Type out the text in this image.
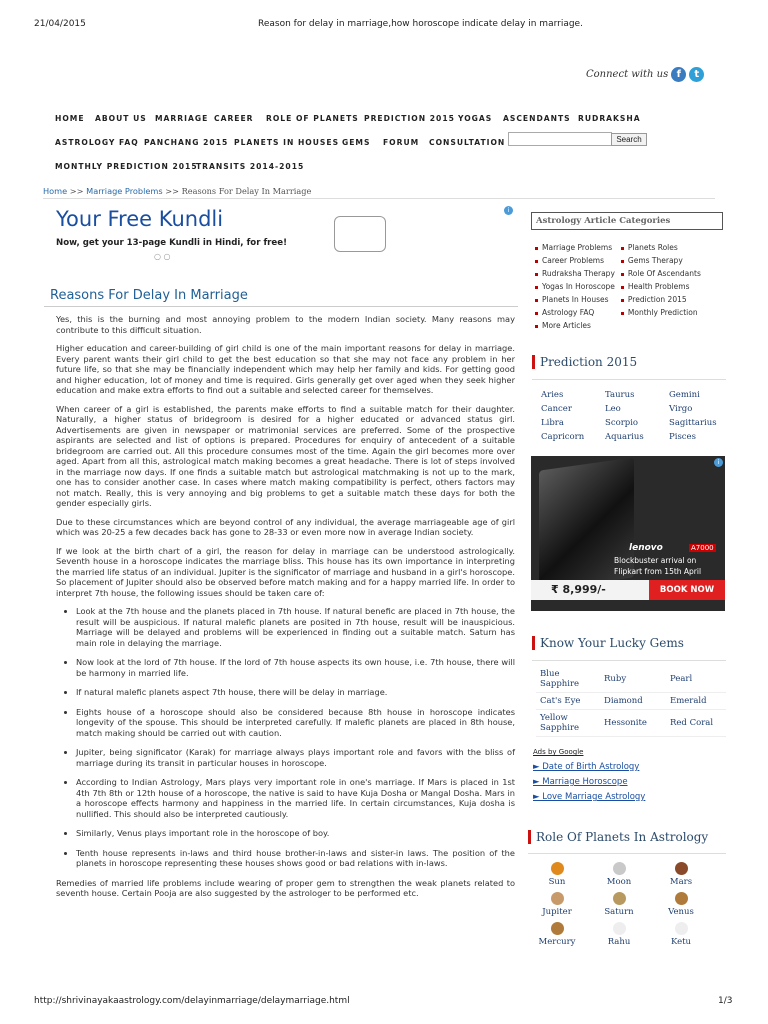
21/04/2015	Reason for delay in marriage,how horoscope indicate delay in marriage.
Connect with us f	t
HOME ABOUT US MARRIAGE CAREER ROLE OF PLANETS PREDICTION 2015 YOGAS ASCENDANTS RUDRAKSHA
ASTROLOGY FAQ PANCHANG 2015 PLANETS IN HOUSES GEMS FORUM CONSULTATION
MONTHLY PREDICTION 2015
TRANSITS 2014-2015
Search
Home >> Marriage Problems >> Reasons For Delay In Marriage
i
Your Free Kundli
Now, get your 13-page Kundli in Hindi, for free!
○ ○
Reasons For Delay In Marriage

Yes, this is the burning and most annoying problem to the modern Indian society. Many reasons may contribute to this difficult situation.

Higher education and career-building of girl child is one of the main important reasons for delay in marriage. Every parent wants their girl child to get the best education so that she may not face any problem in her future life, so that she may be financially independent which may help her family and kids. For getting good and higher education, lot of money and time is required. Girls generally get over aged when they seek higher education and make extra efforts to find out a suitable and selected career for themselves.

When career of a girl is established, the parents make efforts to find a suitable match for their daughter. Naturally, a higher status of bridegroom is desired for a higher educated or advanced status girl. Advertisements are given in newspaper or matrimonial services are preferred. Some of the prospective aspirants are selected and list of options is prepared. Procedures for enquiry of antecedent of a suitable bridegroom are carried out. All this procedure consumes most of the time. Again the girl becomes more over aged. Apart from all this, astrological match making becomes a great headache. There is lot of steps involved in the marriage now days. If one finds a suitable match but astrological matchmaking is not up to the mark, one has to consider another case. In cases where match making compatibility is perfect, others factors may not match. Really, this is very annoying and big problems to get a suitable match these days for both the gender especially girls.

Due to these circumstances which are beyond control of any individual, the average marriageable age of girl which was 20-25 a few decades back has gone to 28-33 or even more now in average Indian society.

If we look at the birth chart of a girl, the reason for delay in marriage can be understood astrologically. Seventh house in a horoscope indicates the marriage bliss. This house has its own importance in interpreting the married life status of an individual. Jupiter is the significator of marriage and husband in a girl's horoscope. So placement of Jupiter should also be observed before match making and for a happy married life. In order to interpret 7th house, the following issues should be taken care of:

• Look at the 7th house and the planets placed in 7th house. If natural benefic are placed in 7th house, the result will be auspicious. If natural malefic planets are posited in 7th house, result will be inauspicious. Marriage will be delayed and problems will be experienced in finding out a suitable match. Saturn has main role in delaying the marriage.
• Now look at the lord of 7th house. If the lord of 7th house aspects its own house, i.e. 7th house, there will be harmony in married life.
• If natural malefic planets aspect 7th house, there will be delay in marriage.
• Eights house of a horoscope should also be considered because 8th house in horoscope indicates longevity of the spouse. This should be interpreted carefully. If malefic planets are placed in 8th house, match making should be carried out with caution.
• Jupiter, being significator (Karak) for marriage always plays important role and favors with the bliss of marriage during its transit in particular houses in horoscope.
• According to Indian Astrology, Mars plays very important role in one's marriage. If Mars is placed in 1st 4th 7th 8th or 12th house of a horoscope, the native is said to have Kuja Dosha or Mangal Dosha. Mars in a horoscope effects harmony and happiness in the married life. In certain circumstances, Kuja dosha is nullified. This should also be interpreted cautiously.
• Similarly, Venus plays important role in the horoscope of boy.
• Tenth house represents in-laws and third house brother-in-laws and sister-in laws. The position of the planets in horoscope representing these houses shows good or bad relations with in-laws.

Remedies of married life problems include wearing of proper gem to strengthen the weak planets related to seventh house. Certain Pooja are also suggested by the astrologer to be performed etc.

Astrology Article Categories
Marriage Problems	Planets Roles
Career Problems	Gems Therapy
Rudraksha Therapy	Role Of Ascendants
Yogas In Horoscope	Health Problems
Planets In Houses	Prediction 2015
Astrology FAQ	Monthly Prediction
More Articles	
Prediction 2015
Aries	Taurus	Gemini
Cancer	Leo	Virgo
Libra	Scorpio	Sagittarius
Capricorn	Aquarius	Pisces
i
lenovo	A7000
Blockbuster arrival on
Flipkart from 15th April
₹ 8,999/-	BOOK NOW
Know Your Lucky Gems
Blue Sapphire	Ruby	Pearl
Cat's Eye	Diamond	Emerald
Yellow Sapphire	Hessonite	Red Coral
Ads by Google
► Date of Birth Astrology
► Marriage Horoscope
► Love Marriage Astrology
Role Of Planets In Astrology
Sun	Moon	Mars
Jupiter	Saturn	Venus
Mercury	Rahu	Ketu
http://shrivinayakaastrology.com/delayinmarriage/delaymarriage.html	1/3
